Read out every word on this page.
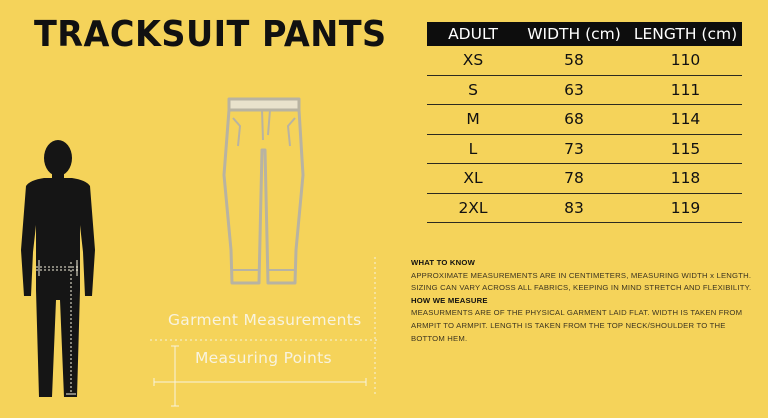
TRACKSUIT PANTS
Garment Measurements
Measuring Points
ADULT	WIDTH (cm)	LENGTH (cm)
XS	58	110
S	63	111
M	68	114
L	73	115
XL	78	118
2XL	83	119
WHAT TO KNOW
APPROXIMATE MEASUREMENTS ARE IN CENTIMETERS, MEASURING WIDTH x LENGTH. SIZING CAN VARY ACROSS ALL FABRICS, KEEPING IN MIND STRETCH AND FLEXIBILITY.
HOW WE MEASURE
MEASURMENTS ARE OF THE PHYSICAL GARMENT LAID FLAT. WIDTH IS TAKEN FROM ARMPIT TO ARMPIT. LENGTH IS TAKEN FROM THE TOP NECK/SHOULDER TO THE BOTTOM HEM.
